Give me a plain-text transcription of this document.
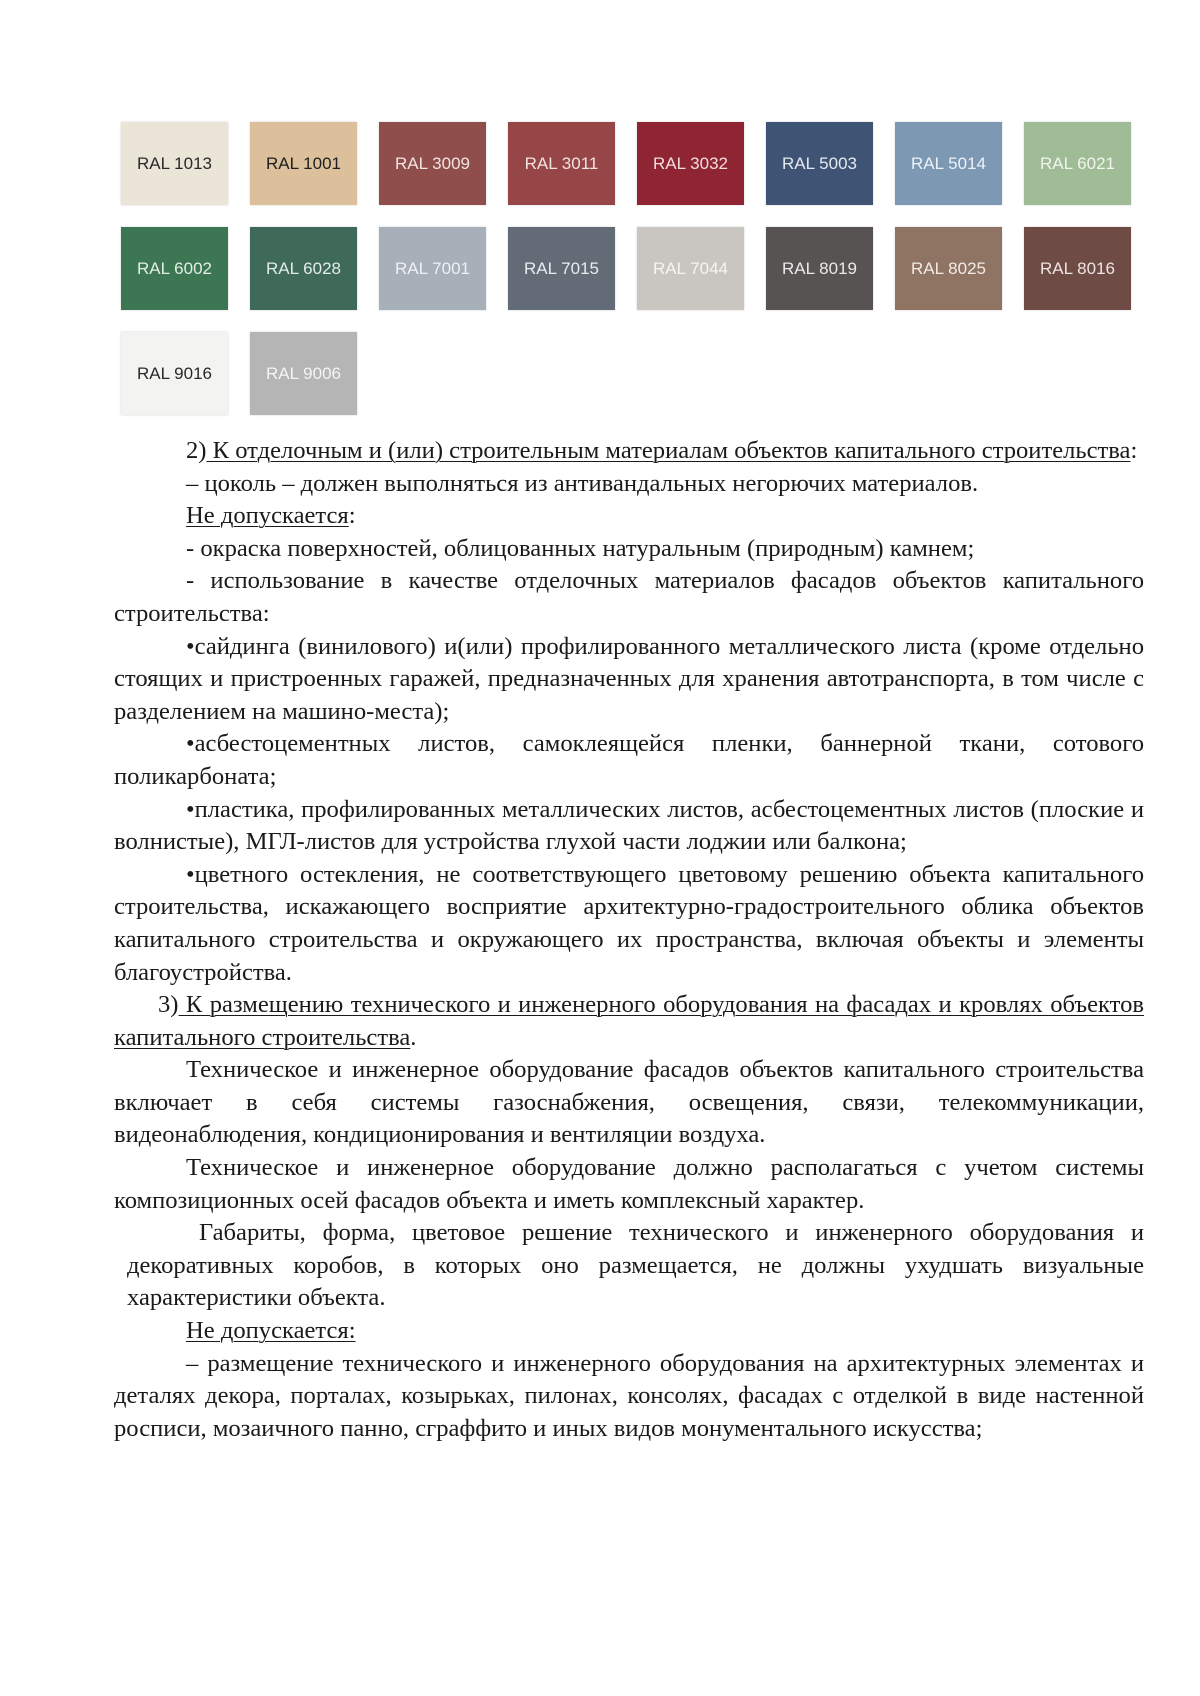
RAL 1013	RAL 1001	RAL 3009	RAL 3011	RAL 3032	RAL 5003	RAL 5014	RAL 6021
RAL 6002	RAL 6028	RAL 7001	RAL 7015	RAL 7044	RAL 8019	RAL 8025	RAL 8016
RAL 9016	RAL 9006

2) К отделочным и (или) строительным материалам объектов капитального строительства:

– цоколь – должен выполняться из антивандальных негорючих материалов.

Не допускается:

- окраска поверхностей, облицованных натуральным (природным) камнем;

- использование в качестве отделочных материалов фасадов объектов капитального строительства:

•сайдинга (винилового) и(или) профилированного металлического листа (кроме отдельно стоящих и пристроенных гаражей, предназначенных для хранения автотранспорта, в том числе с разделением на машино-места);

•асбестоцементных листов, самоклеящейся пленки, баннерной ткани, сотового поликарбоната;

•пластика, профилированных металлических листов, асбестоцементных листов (плоские и волнистые), МГЛ-листов для устройства глухой части лоджии или балкона;

•цветного остекления, не соответствующего цветовому решению объекта капитального строительства, искажающего восприятие архитектурно-градостроительного облика объектов капитального строительства и окружающего их пространства, включая объекты и элементы благоустройства.

3) К размещению технического и инженерного оборудования на фасадах и кровлях объектов капитального строительства.

Техническое и инженерное оборудование фасадов объектов капитального строительства включает в себя системы газоснабжения, освещения, связи, телекоммуникации, видеонаблюдения, кондиционирования и вентиляции воздуха.

Техническое и инженерное оборудование должно располагаться с учетом системы композиционных осей фасадов объекта и иметь комплексный характер.

Габариты, форма, цветовое решение технического и инженерного оборудования и декоративных коробов, в которых оно размещается, не должны ухудшать визуальные характеристики объекта.

Не допускается:

– размещение технического и инженерного оборудования на архитектурных элементах и деталях декора, порталах, козырьках, пилонах, консолях, фасадах с отделкой в виде настенной росписи, мозаичного панно, сграффито и иных видов монументального искусства;
